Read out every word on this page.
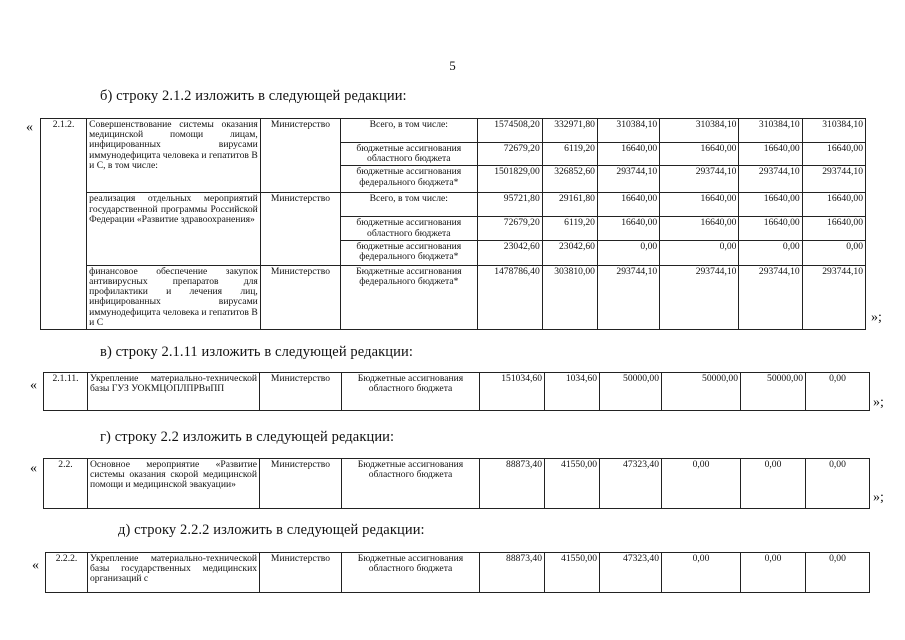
5
б) строку 2.1.2 изложить в следующей редакции:
«
»;
2.1.2.	Совершенствование системы оказания медицинской помощи лицам, инфицированных вирусами иммунодефицита человека и гепатитов В и С, в том числе:	Министерство	Всего, в том числе:	1574508,20	332971,80	310384,10	310384,10	310384,10	310384,10
			бюджетные ассигнования областного бюджета	72679,20	6119,20	16640,00	16640,00	16640,00	16640,00
			бюджетные ассигнования федерального бюджета*	1501829,00	326852,60	293744,10	293744,10	293744,10	293744,10
	реализация отдельных мероприятий государственной программы Российской Федерации «Развитие здравоохранения»	Министерство	Всего, в том числе:	95721,80	29161,80	16640,00	16640,00	16640,00	16640,00
			бюджетные ассигнования областного бюджета	72679,20	6119,20	16640,00	16640,00	16640,00	16640,00
			бюджетные ассигнования федерального бюджета*	23042,60	23042,60	0,00	0,00	0,00	0,00
	финансовое обеспечение закупок антивирусных препаратов для профилактики и лечения лиц, инфицированных вирусами иммунодефицита человека и гепатитов В и С	Министерство	Бюджетные ассигнования федерального бюджета*	1478786,40	303810,00	293744,10	293744,10	293744,10	293744,10
в) строку 2.1.11 изложить в следующей редакции:
«
»;
2.1.11.	Укрепление материально-технической базы ГУЗ УОКМЦОПЛПРВиПП	Министерство	Бюджетные ассигнования областного бюджета	151034,60	1034,60	50000,00	50000,00	50000,00	0,00
г) строку 2.2 изложить в следующей редакции:
«
»;
2.2.	Основное мероприятие «Развитие системы оказания скорой медицинской помощи и медицинской эвакуации»	Министерство	Бюджетные ассигнования областного бюджета	88873,40	41550,00	47323,40	0,00	0,00	0,00
д) строку 2.2.2 изложить в следующей редакции:
« 2.2.2.	Укрепление материально-технической базы государственных медицинских организаций с	Министерство	Бюджетные ассигнования областного бюджета	88873,40	41550,00	47323,40	0,00	0,00	0,00
